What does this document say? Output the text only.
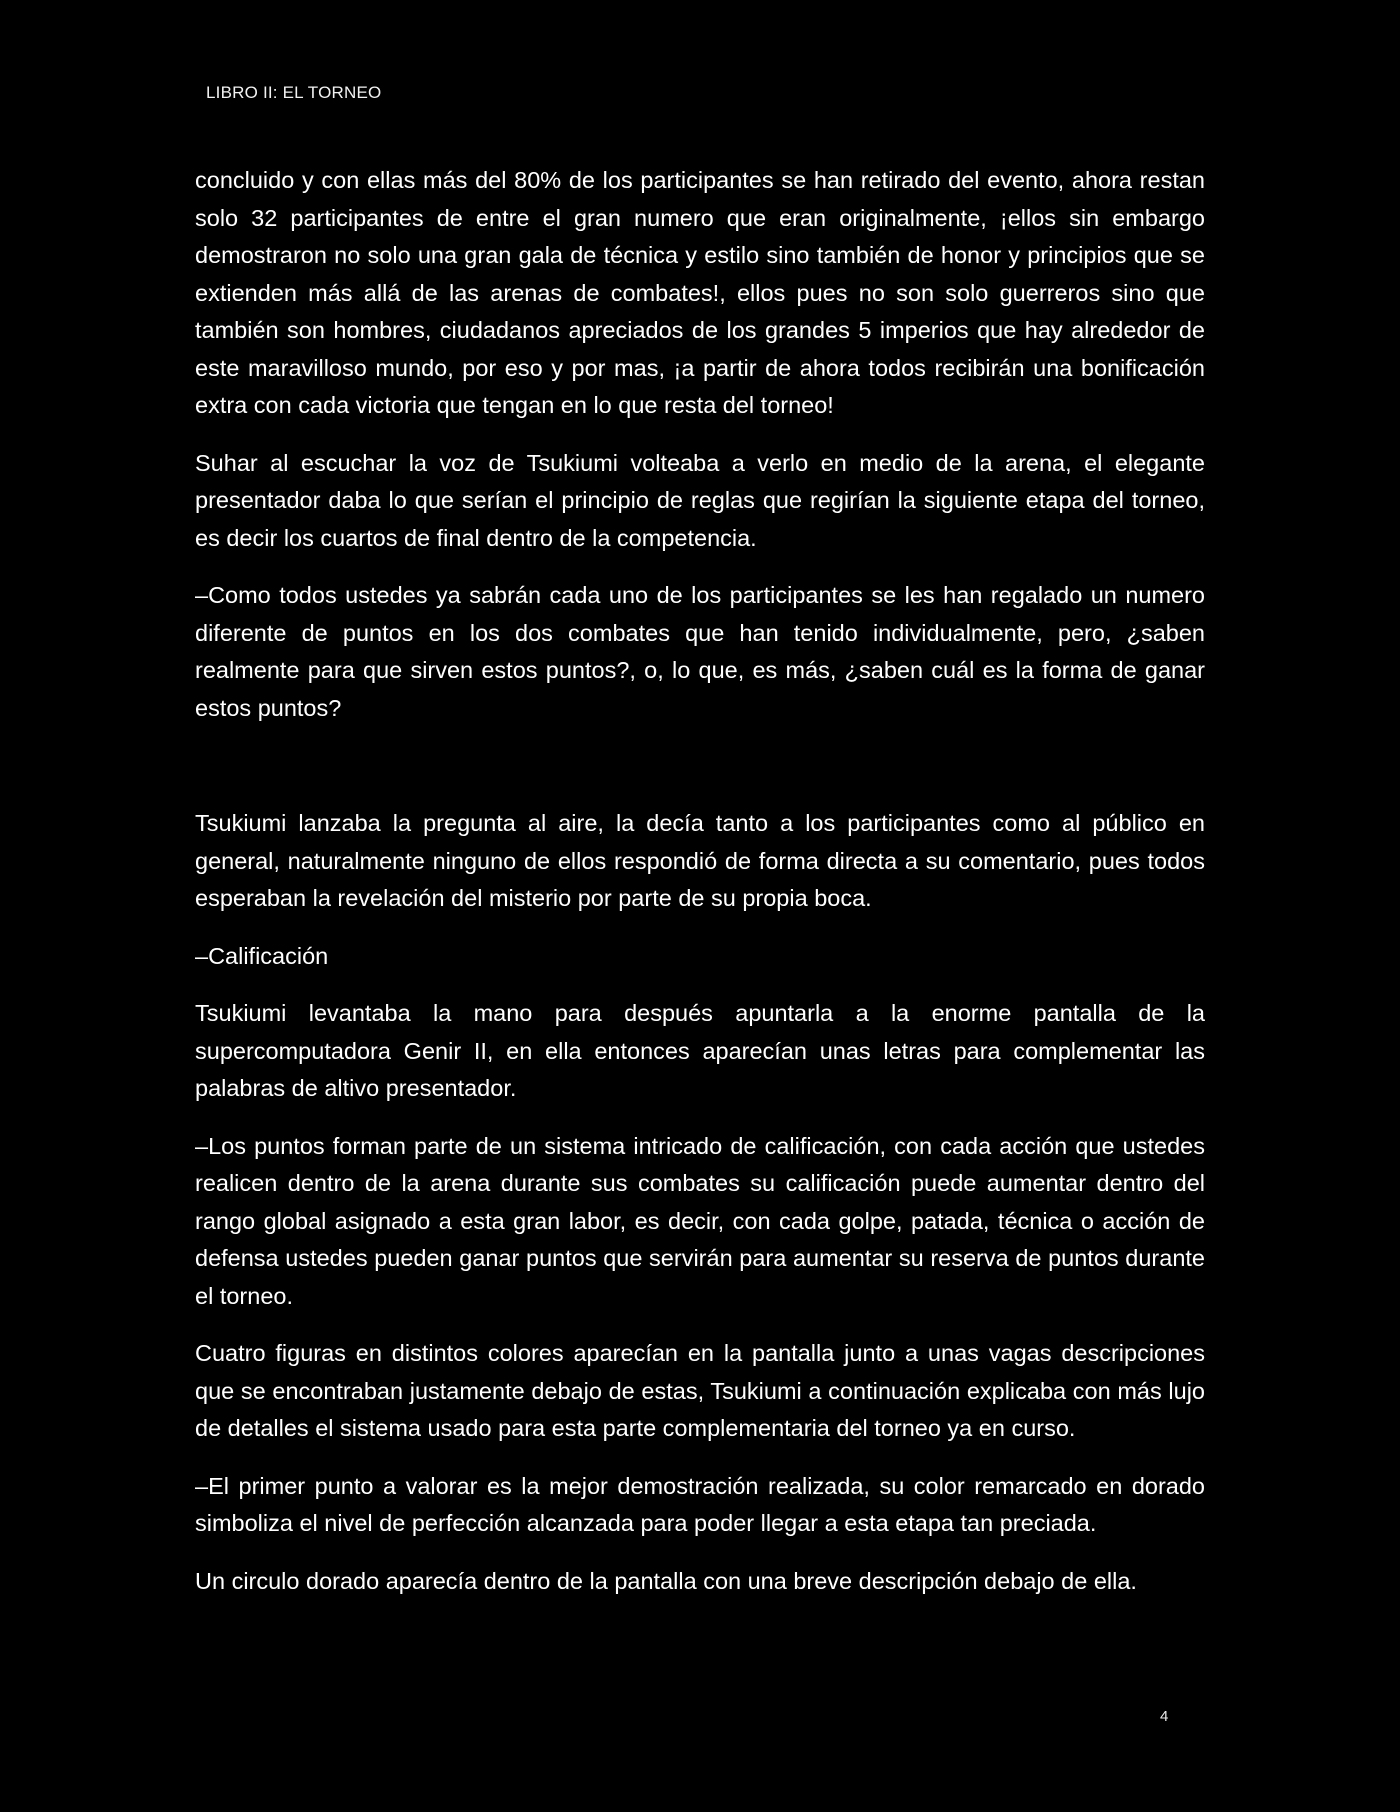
LIBRO II: EL TORNEO

concluido y con ellas más del 80% de los participantes se han retirado del evento, ahora restan solo 32 participantes de entre el gran numero que eran originalmente, ¡ellos sin embargo demostraron no solo una gran gala de técnica y estilo sino también de honor y principios que se extienden más allá de las arenas de combates!, ellos pues no son solo guerreros sino que también son hombres, ciudadanos apreciados de los grandes 5 imperios que hay alrededor de este maravilloso mundo, por eso y por mas, ¡a partir de ahora todos recibirán una bonificación extra con cada victoria que tengan en lo que resta del torneo!

Suhar al escuchar la voz de Tsukiumi volteaba a verlo en medio de la arena, el elegante presentador daba lo que serían el principio de reglas que regirían la siguiente etapa del torneo, es decir los cuartos de final dentro de la competencia.

–Como todos ustedes ya sabrán cada uno de los participantes se les han regalado un numero diferente de puntos en los dos combates que han tenido individualmente, pero, ¿saben realmente para que sirven estos puntos?, o, lo que, es más, ¿saben cuál es la forma de ganar estos puntos?

Tsukiumi lanzaba la pregunta al aire, la decía tanto a los participantes como al público en general, naturalmente ninguno de ellos respondió de forma directa a su comentario, pues todos esperaban la revelación del misterio por parte de su propia boca.

–Calificación

Tsukiumi levantaba la mano para después apuntarla a la enorme pantalla de la supercomputadora Genir II, en ella entonces aparecían unas letras para complementar las palabras de altivo presentador.

–Los puntos forman parte de un sistema intricado de calificación, con cada acción que ustedes realicen dentro de la arena durante sus combates su calificación puede aumentar dentro del rango global asignado a esta gran labor, es decir, con cada golpe, patada, técnica o acción de defensa ustedes pueden ganar puntos que servirán para aumentar su reserva de puntos durante el torneo.

Cuatro figuras en distintos colores aparecían en la pantalla junto a unas vagas descripciones que se encontraban justamente debajo de estas, Tsukiumi a continuación explicaba con más lujo de detalles el sistema usado para esta parte complementaria del torneo ya en curso.

–El primer punto a valorar es la mejor demostración realizada, su color remarcado en dorado simboliza el nivel de perfección alcanzada para poder llegar a esta etapa tan preciada.

Un circulo dorado aparecía dentro de la pantalla con una breve descripción debajo de ella.

4
